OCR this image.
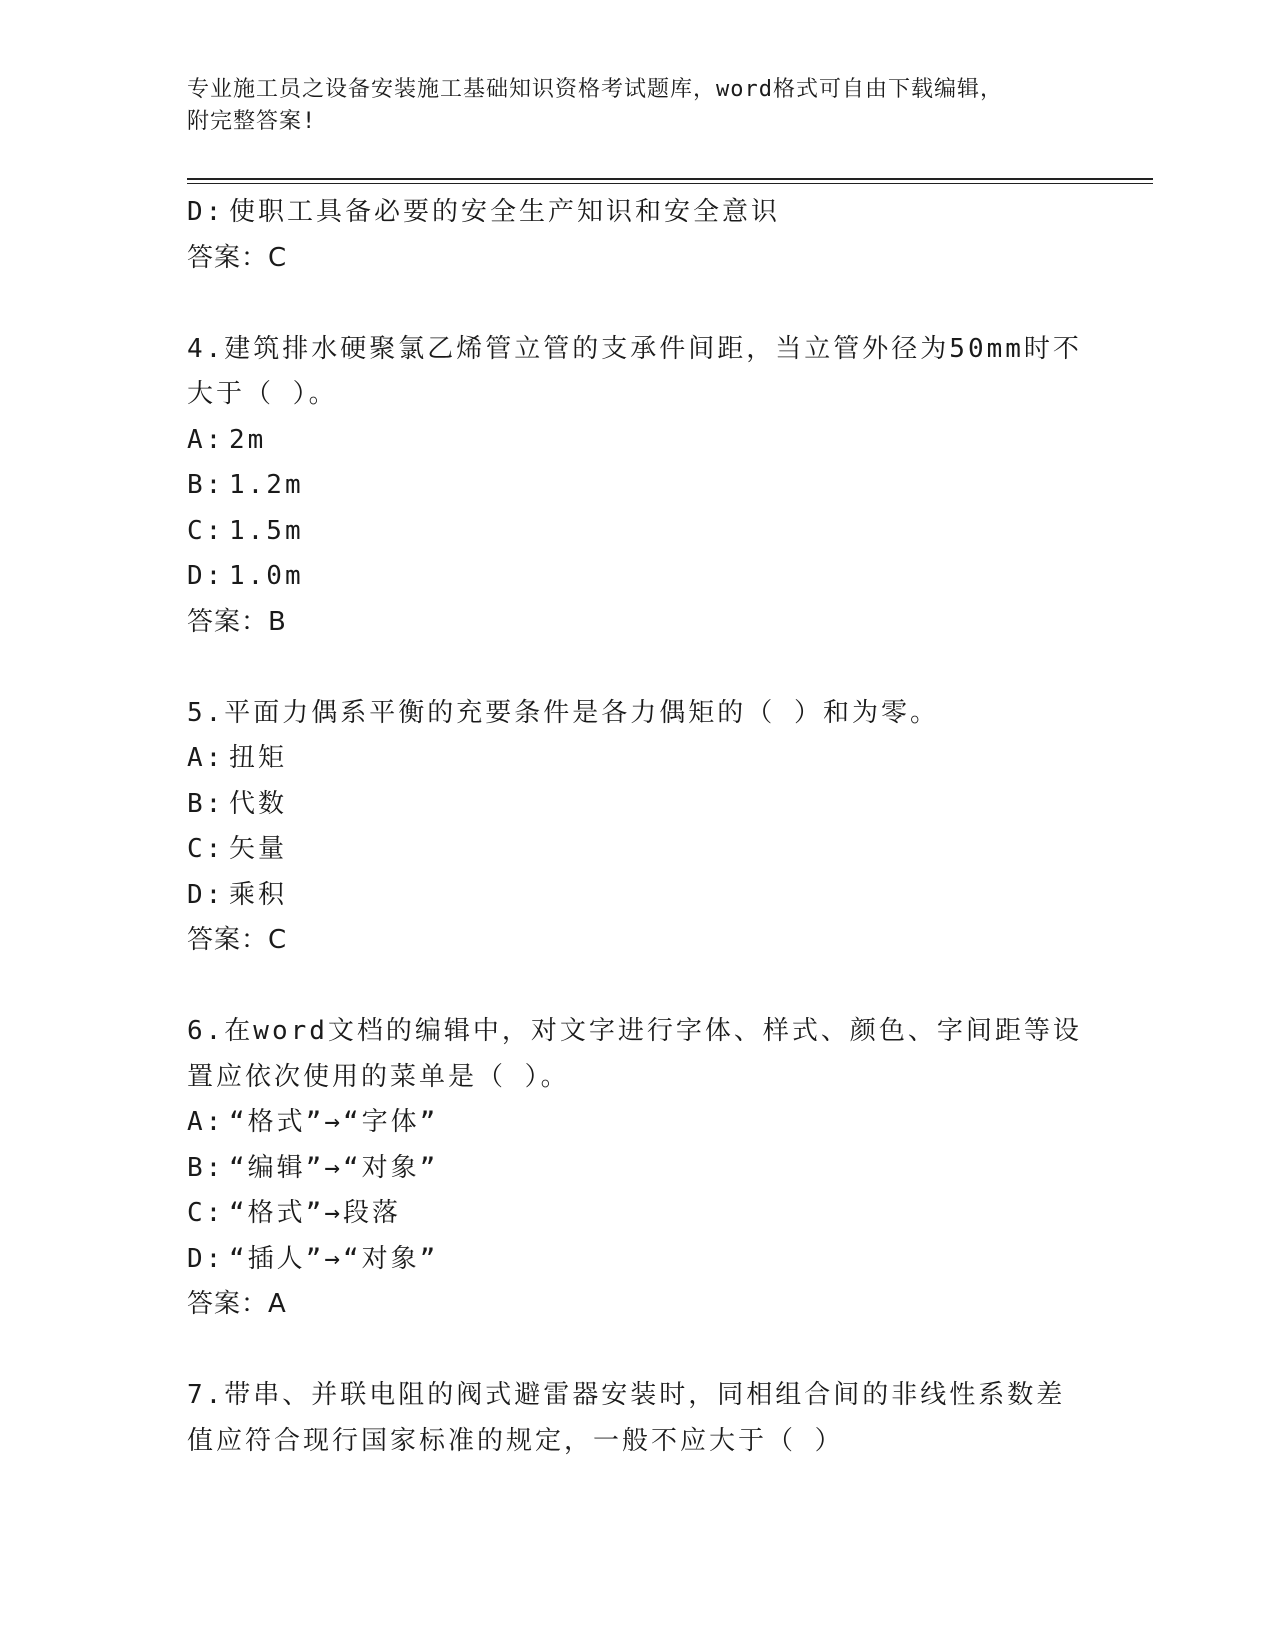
专业施工员之设备安装施工基础知识资格考试题库，word格式可自由下载编辑，
附完整答案!
D: 使职工具备必要的安全生产知识和安全意识
答案：C
4.建筑排水硬聚氯乙烯管立管的支承件间距，当立管外径为50mm时不
大于（ ）。
A: 2m
B: 1.2m
C: 1.5m
D: 1.0m
答案：B
5.平面力偶系平衡的充要条件是各力偶矩的（ ）和为零。
A: 扭矩
B: 代数
C: 矢量
D: 乘积
答案：C
6.在word文档的编辑中，对文字进行字体、样式、颜色、字间距等设
置应依次使用的菜单是（ ）。
A: “格式”→“字体”
B: “编辑”→“对象”
C: “格式”→段落
D: “插人”→“对象”
答案：A
7.带串、并联电阻的阀式避雷器安装时，同相组合间的非线性系数差
值应符合现行国家标准的规定，一般不应大于（ ）
